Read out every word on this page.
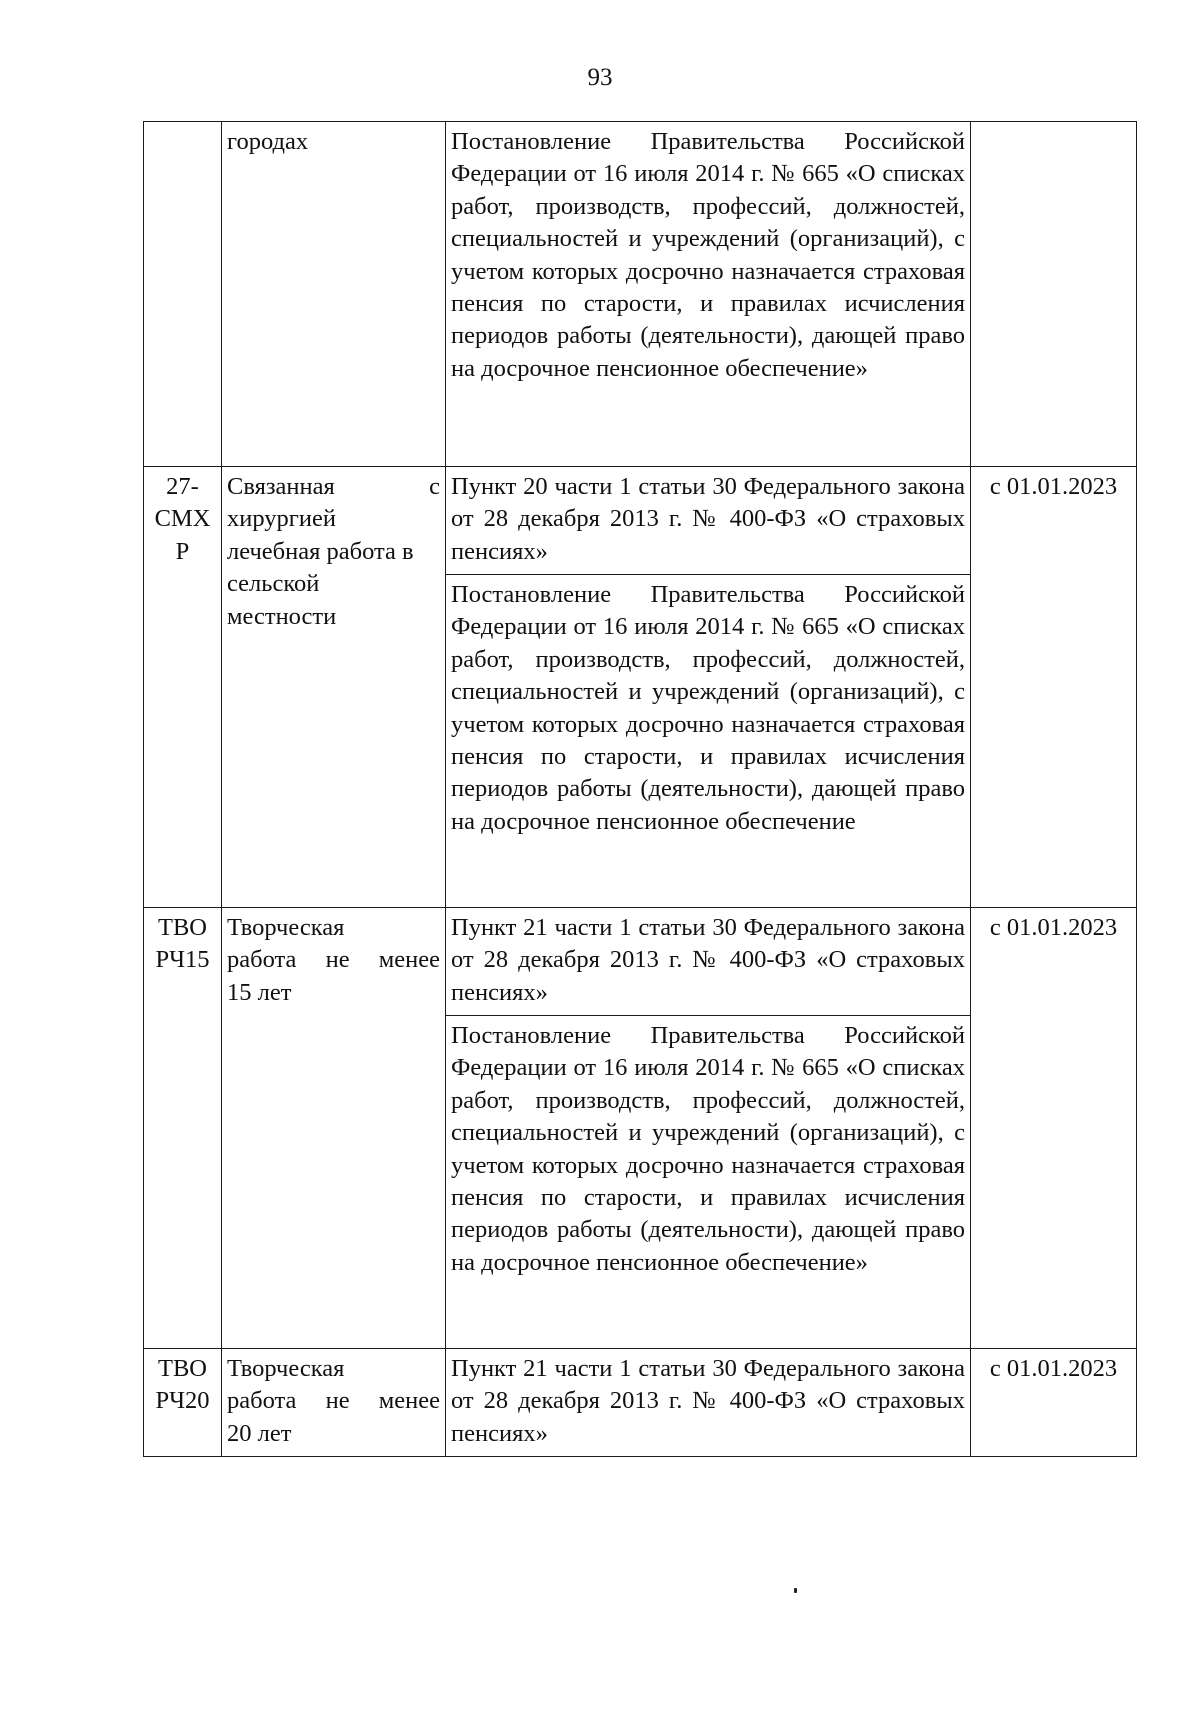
93

	городах	Постановление Правительства Российской Федерации от 16 июля 2014 г. № 665 «О списках работ, производств, профессий, должностей, специальностей и учреждений (организаций), с учетом которых досрочно назначается страховая пенсия по старости, и правилах исчисления периодов работы (деятельности), дающей право на досрочное пенсионное обеспечение»	

27-
СМХ
Р	Связанная с
хирургией
лечебная работа в
сельской
местности	Пункт 20 части 1 статьи 30 Федерального закона от 28 декабря 2013 г. № 400-ФЗ «О страховых пенсиях»	с 01.01.2023
		Постановление Правительства Российской Федерации от 16 июля 2014 г. № 665 «О списках работ, производств, профессий, должностей, специальностей и учреждений (организаций), с учетом которых досрочно назначается страховая пенсия по старости, и правилах исчисления периодов работы (деятельности), дающей право на досрочное пенсионное обеспечение	

ТВО
РЧ15	Творческая
работа не менее
15 лет	Пункт 21 части 1 статьи 30 Федерального закона от 28 декабря 2013 г. № 400-ФЗ «О страховых пенсиях»	с 01.01.2023
		Постановление Правительства Российской Федерации от 16 июля 2014 г. № 665 «О списках работ, производств, профессий, должностей, специальностей и учреждений (организаций), с учетом которых досрочно назначается страховая пенсия по старости, и правилах исчисления периодов работы (деятельности), дающей право на досрочное пенсионное обеспечение»	

ТВО
РЧ20	Творческая
работа не менее
20 лет	Пункт 21 части 1 статьи 30 Федерального закона от 28 декабря 2013 г. № 400-ФЗ «О страховых пенсиях»	с 01.01.2023
